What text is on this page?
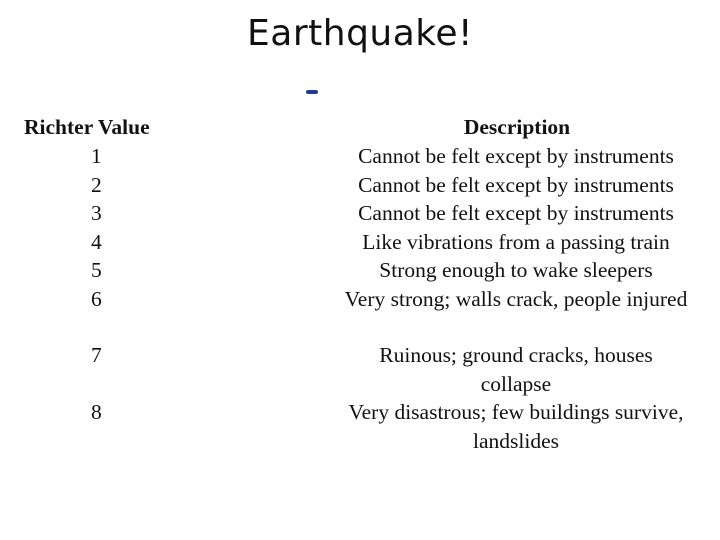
Earthquake!
Richter Value	Description
1	Cannot be felt except by instruments
2	Cannot be felt except by instruments
3	Cannot be felt except by instruments
4	Like vibrations from a passing train
5	Strong enough to wake sleepers
6	Very strong; walls crack, people injured
7	Ruinous; ground cracks, houses collapse
8	Very disastrous; few buildings survive, landslides
